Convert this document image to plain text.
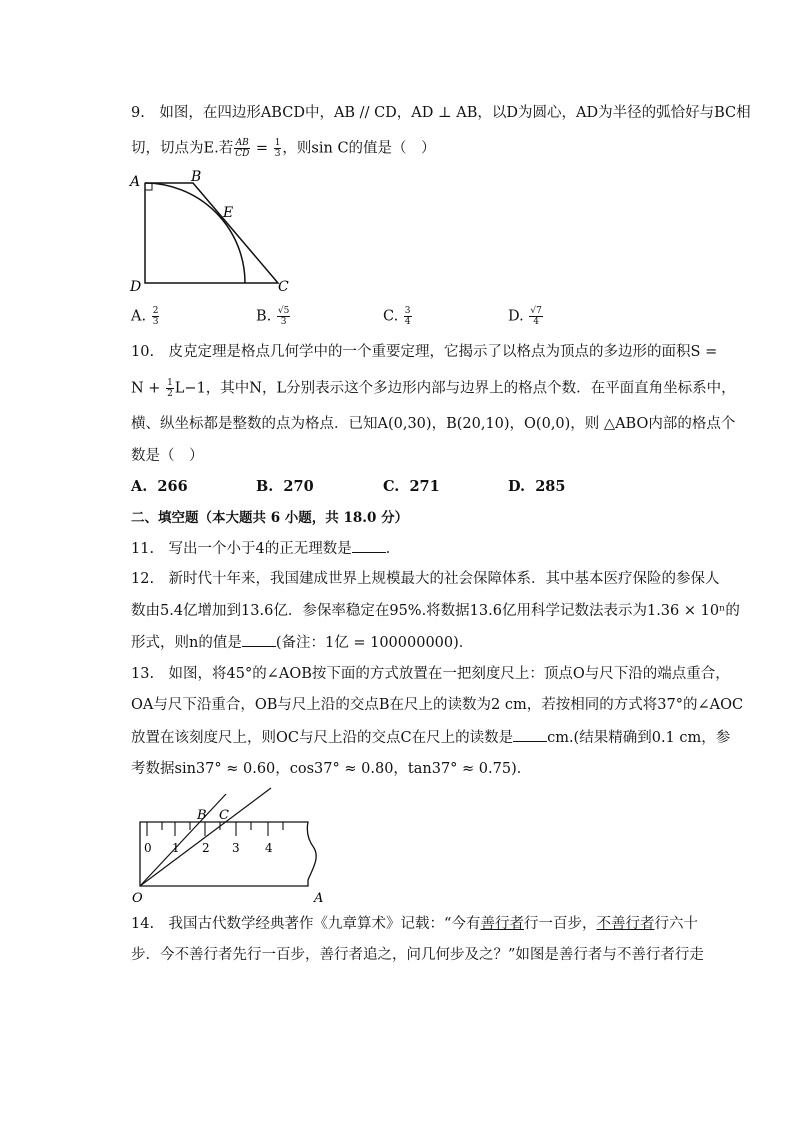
9.　如图，在四边形ABCD中，AB // CD，AD ⊥ AB，以D为圆心，AD为半径的弧恰好与BC相
切，切点为E.若 $\frac{AB}{CD} = \frac{1}{3}$ ，则sin C的值是（　）
A	B
E
D	C
A. $\frac{2}{3}$	B. $\frac{√5}{3}$	C. $\frac{3}{4}$	D. $\frac{√7}{4}$
10.　皮克定理是格点几何学中的一个重要定理，它揭示了以格点为顶点的多边形的面积S =
$N + \frac{1}{2} L-1$，其中N，L分别表示这个多边形内部与边界上的格点个数．在平面直角坐标系中，
横、纵坐标都是整数的点为格点．已知A(0,30)，B(20,10)，O(0,0)，则 △ABO内部的格点个
数是（　）
A. 266	B. 270	C. 271	D. 285
二、填空题（本大题共 6 小题，共 18.0 分）
11.　写出一个小于4的正无理数是 ．
12.　新时代十年来，我国建成世界上规模最大的社会保障体系．其中基本医疗保险的参保人
数由5.4亿增加到13.6亿．参保率稳定在95%.将数据13.6亿用科学记数法表示为1.36 × 10ⁿ的
形式，则n的值是 (备注：1亿 = 100000000)．
13.　如图，将45°的∠AOB按下面的方式放置在一把刻度尺上：顶点O与尺下沿的端点重合，
OA与尺下沿重合，OB与尺上沿的交点B在尺上的读数为2 cm，若按相同的方式将37°的∠AOC
放置在该刻度尺上，则OC与尺上沿的交点C在尺上的读数是 cm.(结果精确到0.1 cm，参
考数据sin37° ≈ 0.60，cos37° ≈ 0.80，tan37° ≈ 0.75)．
0 1 2 3 4
B C
O	A
14.　我国古代数学经典著作《九章算术》记载：“今有善行者行一百步，不善行者行六十
步．今不善行者先行一百步，善行者追之，问几何步及之？”如图是善行者与不善行者行走
